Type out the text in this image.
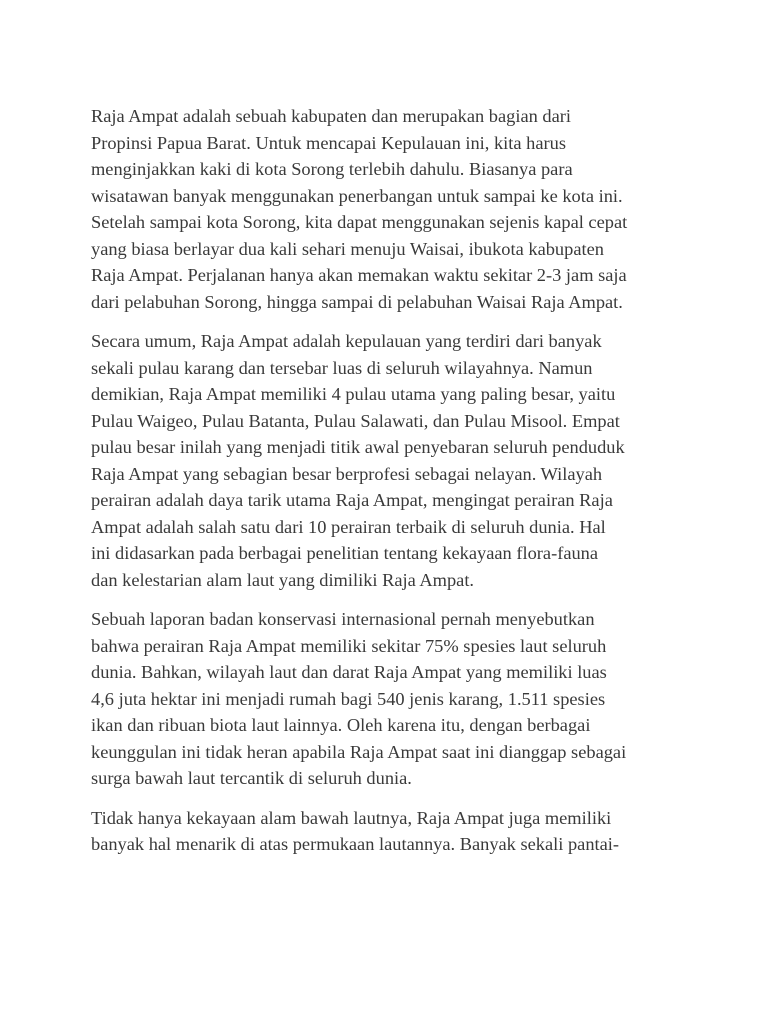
Raja Ampat adalah sebuah kabupaten dan merupakan bagian dari
Propinsi Papua Barat. Untuk mencapai Kepulauan ini, kita harus
menginjakkan kaki di kota Sorong terlebih dahulu. Biasanya para
wisatawan banyak menggunakan penerbangan untuk sampai ke kota ini.
Setelah sampai kota Sorong, kita dapat menggunakan sejenis kapal cepat
yang biasa berlayar dua kali sehari menuju Waisai, ibukota kabupaten
Raja Ampat. Perjalanan hanya akan memakan waktu sekitar 2-3 jam saja
dari pelabuhan Sorong, hingga sampai di pelabuhan Waisai Raja Ampat.

Secara umum, Raja Ampat adalah kepulauan yang terdiri dari banyak
sekali pulau karang dan tersebar luas di seluruh wilayahnya. Namun
demikian, Raja Ampat memiliki 4 pulau utama yang paling besar, yaitu
Pulau Waigeo, Pulau Batanta, Pulau Salawati, dan Pulau Misool. Empat
pulau besar inilah yang menjadi titik awal penyebaran seluruh penduduk
Raja Ampat yang sebagian besar berprofesi sebagai nelayan. Wilayah
perairan adalah daya tarik utama Raja Ampat, mengingat perairan Raja
Ampat adalah salah satu dari 10 perairan terbaik di seluruh dunia. Hal
ini didasarkan pada berbagai penelitian tentang kekayaan flora-fauna
dan kelestarian alam laut yang dimiliki Raja Ampat.

Sebuah laporan badan konservasi internasional pernah menyebutkan
bahwa perairan Raja Ampat memiliki sekitar 75% spesies laut seluruh
dunia. Bahkan, wilayah laut dan darat Raja Ampat yang memiliki luas
4,6 juta hektar ini menjadi rumah bagi 540 jenis karang, 1.511 spesies
ikan dan ribuan biota laut lainnya. Oleh karena itu, dengan berbagai
keunggulan ini tidak heran apabila Raja Ampat saat ini dianggap sebagai
surga bawah laut tercantik di seluruh dunia.

Tidak hanya kekayaan alam bawah lautnya, Raja Ampat juga memiliki
banyak hal menarik di atas permukaan lautannya. Banyak sekali pantai-
